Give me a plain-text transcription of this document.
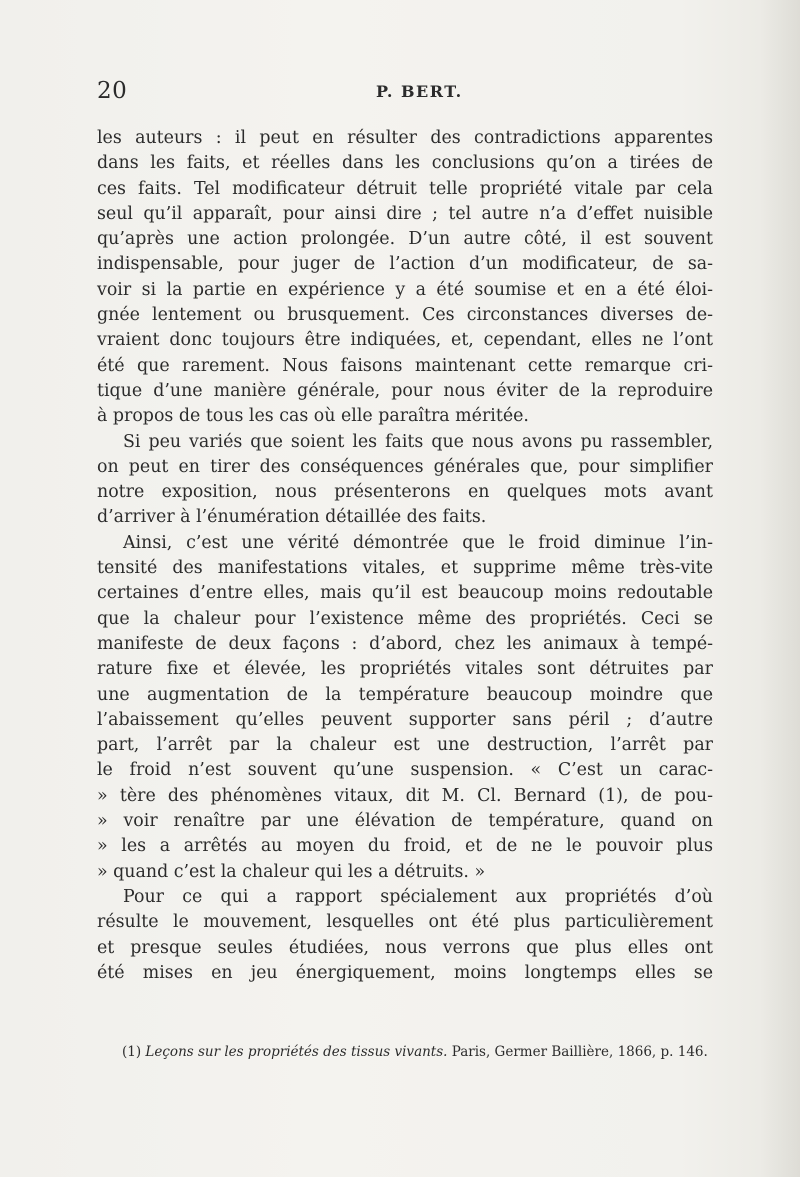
20	P. BERT.
les auteurs : il peut en résulter des contradictions apparentes
dans les faits, et réelles dans les conclusions qu’on a tirées de
ces faits. Tel modificateur détruit telle propriété vitale par cela
seul qu’il apparaît, pour ainsi dire ; tel autre n’a d’effet nuisible
qu’après une action prolongée. D’un autre côté, il est souvent
indispensable, pour juger de l’action d’un modificateur, de sa-
voir si la partie en expérience y a été soumise et en a été éloi-
gnée lentement ou brusquement. Ces circonstances diverses de-
vraient donc toujours être indiquées, et, cependant, elles ne l’ont
été que rarement. Nous faisons maintenant cette remarque cri-
tique d’une manière générale, pour nous éviter de la reproduire
à propos de tous les cas où elle paraîtra méritée.
Si peu variés que soient les faits que nous avons pu rassembler,
on peut en tirer des conséquences générales que, pour simplifier
notre exposition, nous présenterons en quelques mots avant
d’arriver à l’énumération détaillée des faits.
Ainsi, c’est une vérité démontrée que le froid diminue l’in-
tensité des manifestations vitales, et supprime même très-vite
certaines d’entre elles, mais qu’il est beaucoup moins redoutable
que la chaleur pour l’existence même des propriétés. Ceci se
manifeste de deux façons : d’abord, chez les animaux à tempé-
rature fixe et élevée, les propriétés vitales sont détruites par
une augmentation de la température beaucoup moindre que
l’abaissement qu’elles peuvent supporter sans péril ; d’autre
part, l’arrêt par la chaleur est une destruction, l’arrêt par
le froid n’est souvent qu’une suspension. « C’est un carac-
» tère des phénomènes vitaux, dit M. Cl. Bernard (1), de pou-
» voir renaître par une élévation de température, quand on
» les a arrêtés au moyen du froid, et de ne le pouvoir plus
» quand c’est la chaleur qui les a détruits. »
Pour ce qui a rapport spécialement aux propriétés d’où
résulte le mouvement, lesquelles ont été plus particulièrement
et presque seules étudiées, nous verrons que plus elles ont
été mises en jeu énergiquement, moins longtemps elles se
(1) Leçons sur les propriétés des tissus vivants. Paris, Germer Baillière, 1866, p. 146.
